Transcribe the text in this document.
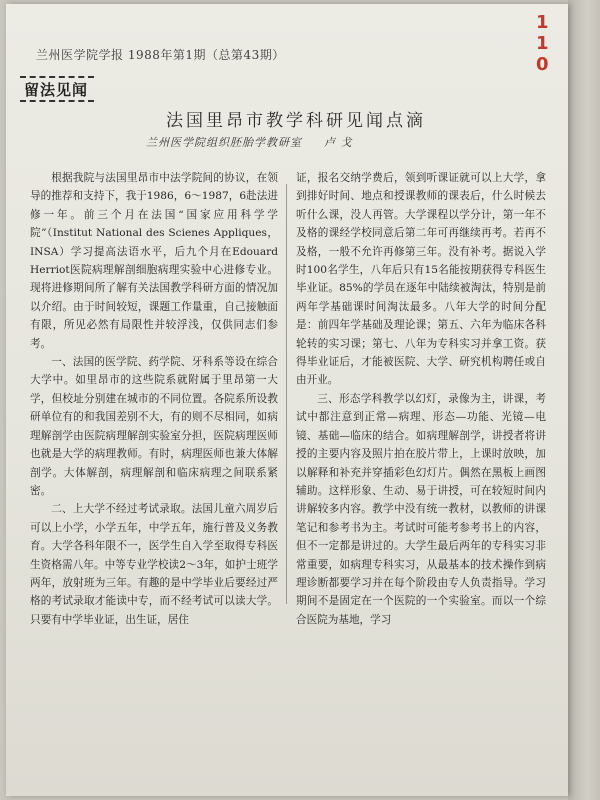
兰州医学院学报 1988年第1期（总第43期）
1 1 0
留法见闻
法国里昂市教学科研见闻点滴
兰州医学院组织胚胎学教研室 卢 戈

根据我院与法国里昂市中法学院间的协议，在领导的推荐和支持下，我于1986，6～1987，6赴法进修一年。前三个月在法国“国家应用科学学院”（Institut National des Scienes Appliques，INSA）学习提高法语水平，后九个月在Edouard Herriot医院病理解剖细胞病理实验中心进修专业。现将进修期间所了解有关法国教学科研方面的情况加以介绍。由于时间较短，课题工作量重，自己接触面有限，所见必然有局限性并较浮浅，仅供同志们参考。

一、法国的医学院、药学院、牙科系等设在综合大学中。如里昂市的这些院系就附属于里昂第一大学，但校址分别建在城市的不同位置。各院系所设教研单位有的和我国差别不大，有的则不尽相同，如病理解剖学由医院病理解剖实验室分担，医院病理医师也就是大学的病理教师。有时，病理医师也兼大体解剖学。大体解剖，病理解剖和临床病理之间联系紧密。

二、上大学不经过考试录取。法国儿童六周岁后可以上小学，小学五年，中学五年，施行普及义务教育。大学各科年限不一，医学生自入学至取得专科医生资格需八年。中等专业学校读2～3年，如护士班学两年，放射班为三年。有趣的是中学毕业后要经过严格的考试录取才能读中专，而不经考试可以读大学。只要有中学毕业证，出生证，居住

证，报名交纳学费后，领到听课证就可以上大学，拿到排好时间、地点和授课教师的课表后，什么时候去听什么课，没人再管。大学课程以学分计，第一年不及格的课经学校同意后第二年可再继续再考。若再不及格，一般不允许再修第三年。没有补考。据说入学时100名学生，八年后只有15名能按期获得专科医生毕业证。85%的学员在逐年中陆续被淘汰，特别是前两年学基础课时间淘汰最多。八年大学的时间分配是：前四年学基础及理论课；第五、六年为临床各科轮转的实习课；第七、八年为专科实习并拿工资。获得毕业证后，才能被医院、大学、研究机构聘任或自由开业。

三、形态学科教学以幻灯，录像为主，讲课，考试中都注意到正常—病理、形态—功能、光镜—电镜、基础—临床的结合。如病理解剖学，讲授者将讲授的主要内容及照片拍在胶片带上，上课时放映，加以解释和补充并穿插彩色幻灯片。偶然在黑板上画图辅助。这样形象、生动、易于讲授，可在较短时间内讲解较多内容。教学中没有统一教材，以教师的讲课笔记和参考书为主。考试时可能考参考书上的内容，但不一定都是讲过的。大学生最后两年的专科实习非常重要，如病理专科实习，从最基本的技术操作到病理诊断都要学习并在每个阶段由专人负责指导。学习期间不是固定在一个医院的一个实验室。而以一个综合医院为基地，学习
